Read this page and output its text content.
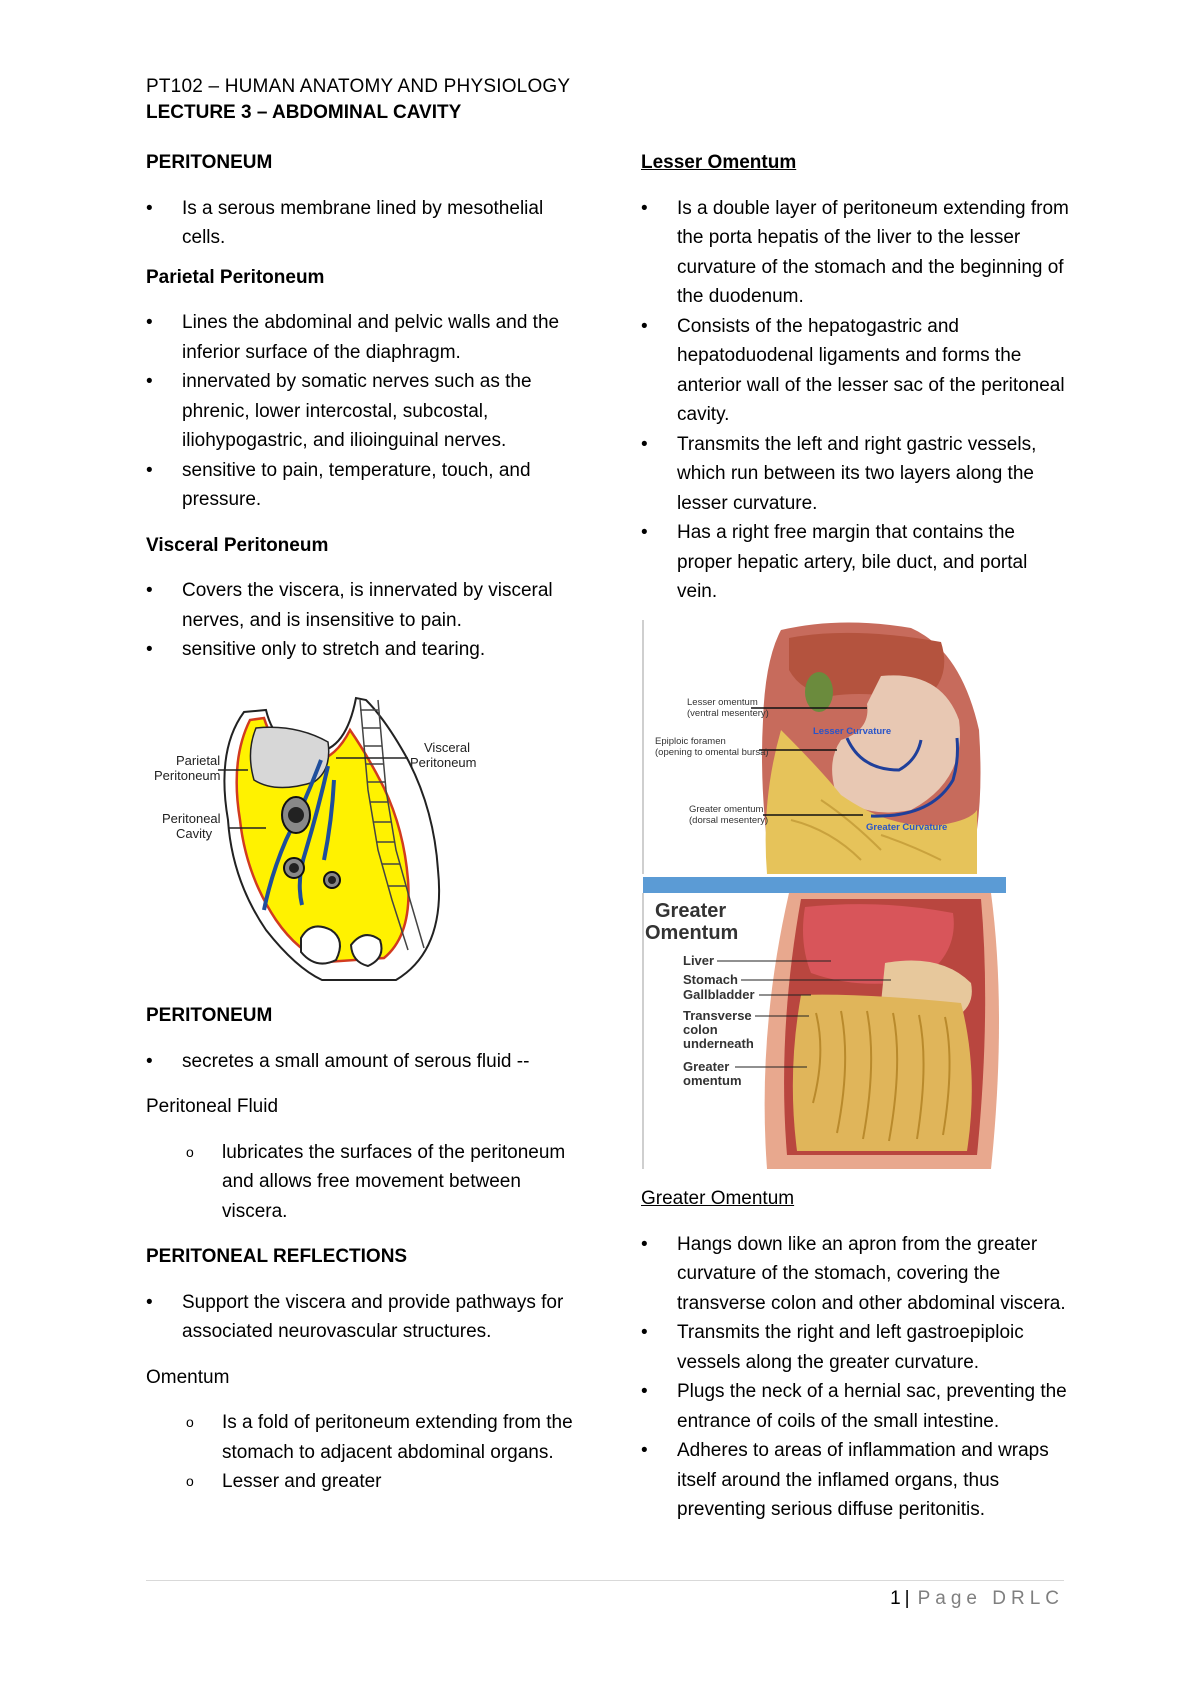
PT102 – HUMAN ANATOMY AND PHYSIOLOGY
LECTURE 3 – ABDOMINAL CAVITY

PERITONEUM

• Is a serous membrane lined by mesothelial cells.

Parietal Peritoneum

• Lines the abdominal and pelvic walls and the inferior surface of the diaphragm.
• innervated by somatic nerves such as the phrenic, lower intercostal, subcostal, iliohypogastric, and ilioinguinal nerves.
• sensitive to pain, temperature, touch, and pressure.

Visceral Peritoneum

• Covers the viscera, is innervated by visceral nerves, and is insensitive to pain.
• sensitive only to stretch and tearing.
Parietal
Peritoneum
Peritoneal
Cavity
Visceral
Peritoneum

PERITONEUM

• secretes a small amount of serous fluid --

Peritoneal Fluid

o lubricates the surfaces of the peritoneum and allows free movement between viscera.

PERITONEAL REFLECTIONS

• Support the viscera and provide pathways for associated neurovascular structures.

Omentum

o Is a fold of peritoneum extending from the stomach to adjacent abdominal organs.
o Lesser and greater

Lesser Omentum

• Is a double layer of peritoneum extending from the porta hepatis of the liver to the lesser curvature of the stomach and the beginning of the duodenum.
• Consists of the hepatogastric and hepatoduodenal ligaments and forms the anterior wall of the lesser sac of the peritoneal cavity.
• Transmits the left and right gastric vessels, which run between its two layers along the lesser curvature.
• Has a right free margin that contains the proper hepatic artery, bile duct, and portal vein.
Lesser omentum
(ventral mesentery)
Epiploic foramen
(opening to omental bursa)
Greater omentum
(dorsal mesentery)
Lesser Curvature
Greater Curvature
Greater
Omentum
Liver
Stomach
Gallbladder
Transverse
colon
underneath
Greater
omentum

Greater Omentum

• Hangs down like an apron from the greater curvature of the stomach, covering the transverse colon and other abdominal viscera.
• Transmits the right and left gastroepiploic vessels along the greater curvature.
• Plugs the neck of a hernial sac, preventing the entrance of coils of the small intestine.
• Adheres to areas of inflammation and wraps itself around the inflamed organs, thus preventing serious diffuse peritonitis.
1 | Page DRLC
